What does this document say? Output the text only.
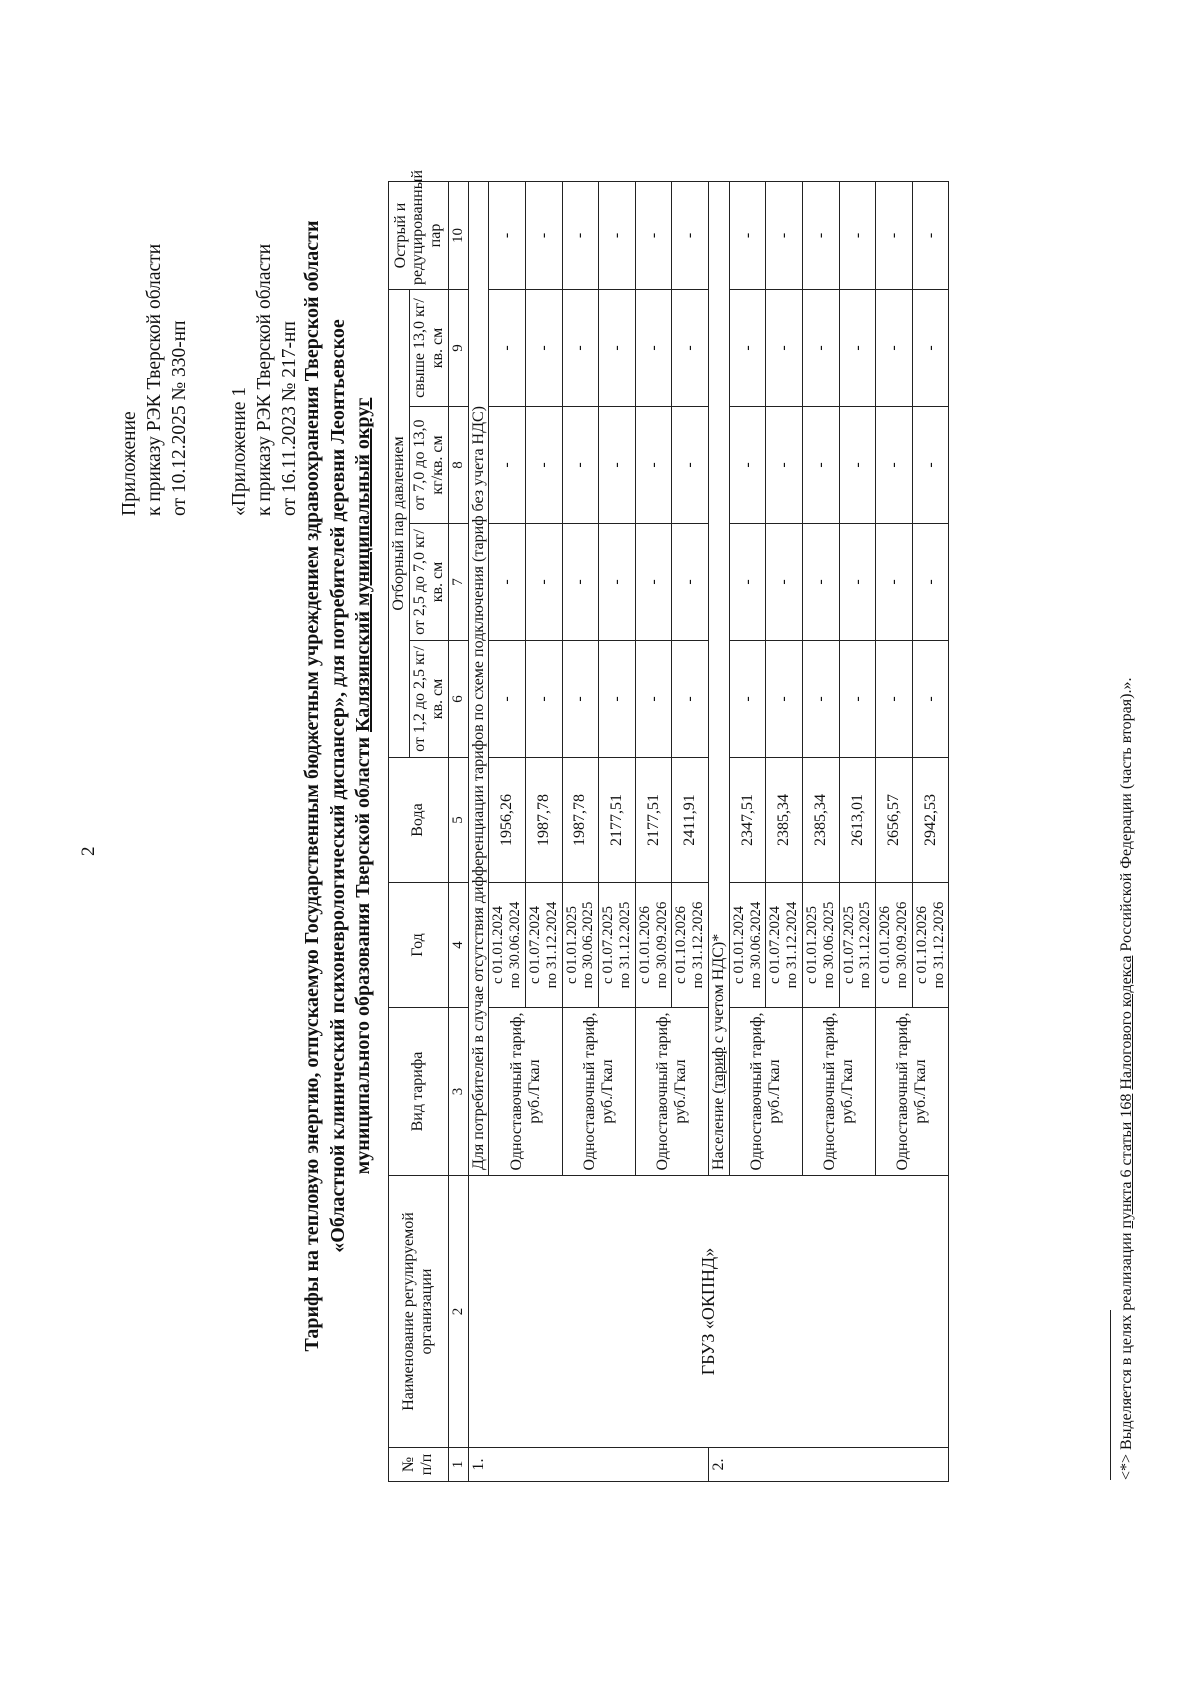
2
Приложение к приказу РЭК Тверской области от 10.12.2025 № 330-нп «Приложение 1 к приказу РЭК Тверской области от 16.11.2023 № 217-нп Тарифы на тепловую энергию, отпускаемую Государственным бюджетным учреждением здравоохранения Тверской области «Областной клинический психоневрологический диспансер», для потребителей деревни Леонтьевское муниципального образования Тверской области Калязинский муниципальный округ
№ п/п	Наименование регулируемой организации	Вид тарифа	Год	Вода	Отборный пар давлением				Острый и редуцированный пар
					от 1,2 до 2,5 кг/кв. см	от 2,5 до 7,0 кг/кв. см	от 7,0 до 13,0 кг/кв. см	свыше 13,0 кг/кв. см	
1	2	3	4	5	6	7	8	9	10
1.	ГБУЗ «ОКПНД»	Для потребителей в случае отсутствия дифференциации тарифов по схеме подключения (тариф без учета НДС)							
		Одноставочный тариф, руб./Гкал	с 01.01.2024 по 30.06.2024	1956,26	-	-	-	-	-

			с 01.07.2024 по 31.12.2024	1987,78	-	-	-	-	-
		Одноставочный тариф, руб./Гкал	с 01.01.2025 по 30.06.2025	1987,78	-	-	-	-	-

			с 01.07.2025 по 31.12.2025	2177,51	-	-	-	-	-
		Одноставочный тариф, руб./Гкал	с 01.01.2026 по 30.09.2026	2177,51	-	-	-	-	-

			с 01.10.2026 по 31.12.2026	2411,91	-	-	-	-	-
2.		Население (тариф с учетом НДС)*							
		Одноставочный тариф, руб./Гкал	с 01.01.2024 по 30.06.2024	2347,51	-	-	-	-	-

			с 01.07.2024 по 31.12.2024	2385,34	-	-	-	-	-
		Одноставочный тариф, руб./Гкал	с 01.01.2025 по 30.06.2025	2385,34	-	-	-	-	-

			с 01.07.2025 по 31.12.2025	2613,01	-	-	-	-	-
		Одноставочный тариф, руб./Гкал	с 01.01.2026 по 30.09.2026	2656,57	-	-	-	-	-

			с 01.10.2026 по 31.12.2026	2942,53	-	-	-	-	-
<*> Выделяется в целях реализации пункта 6 статьи 168 Налогового кодекса Российской Федерации (часть вторая).».
